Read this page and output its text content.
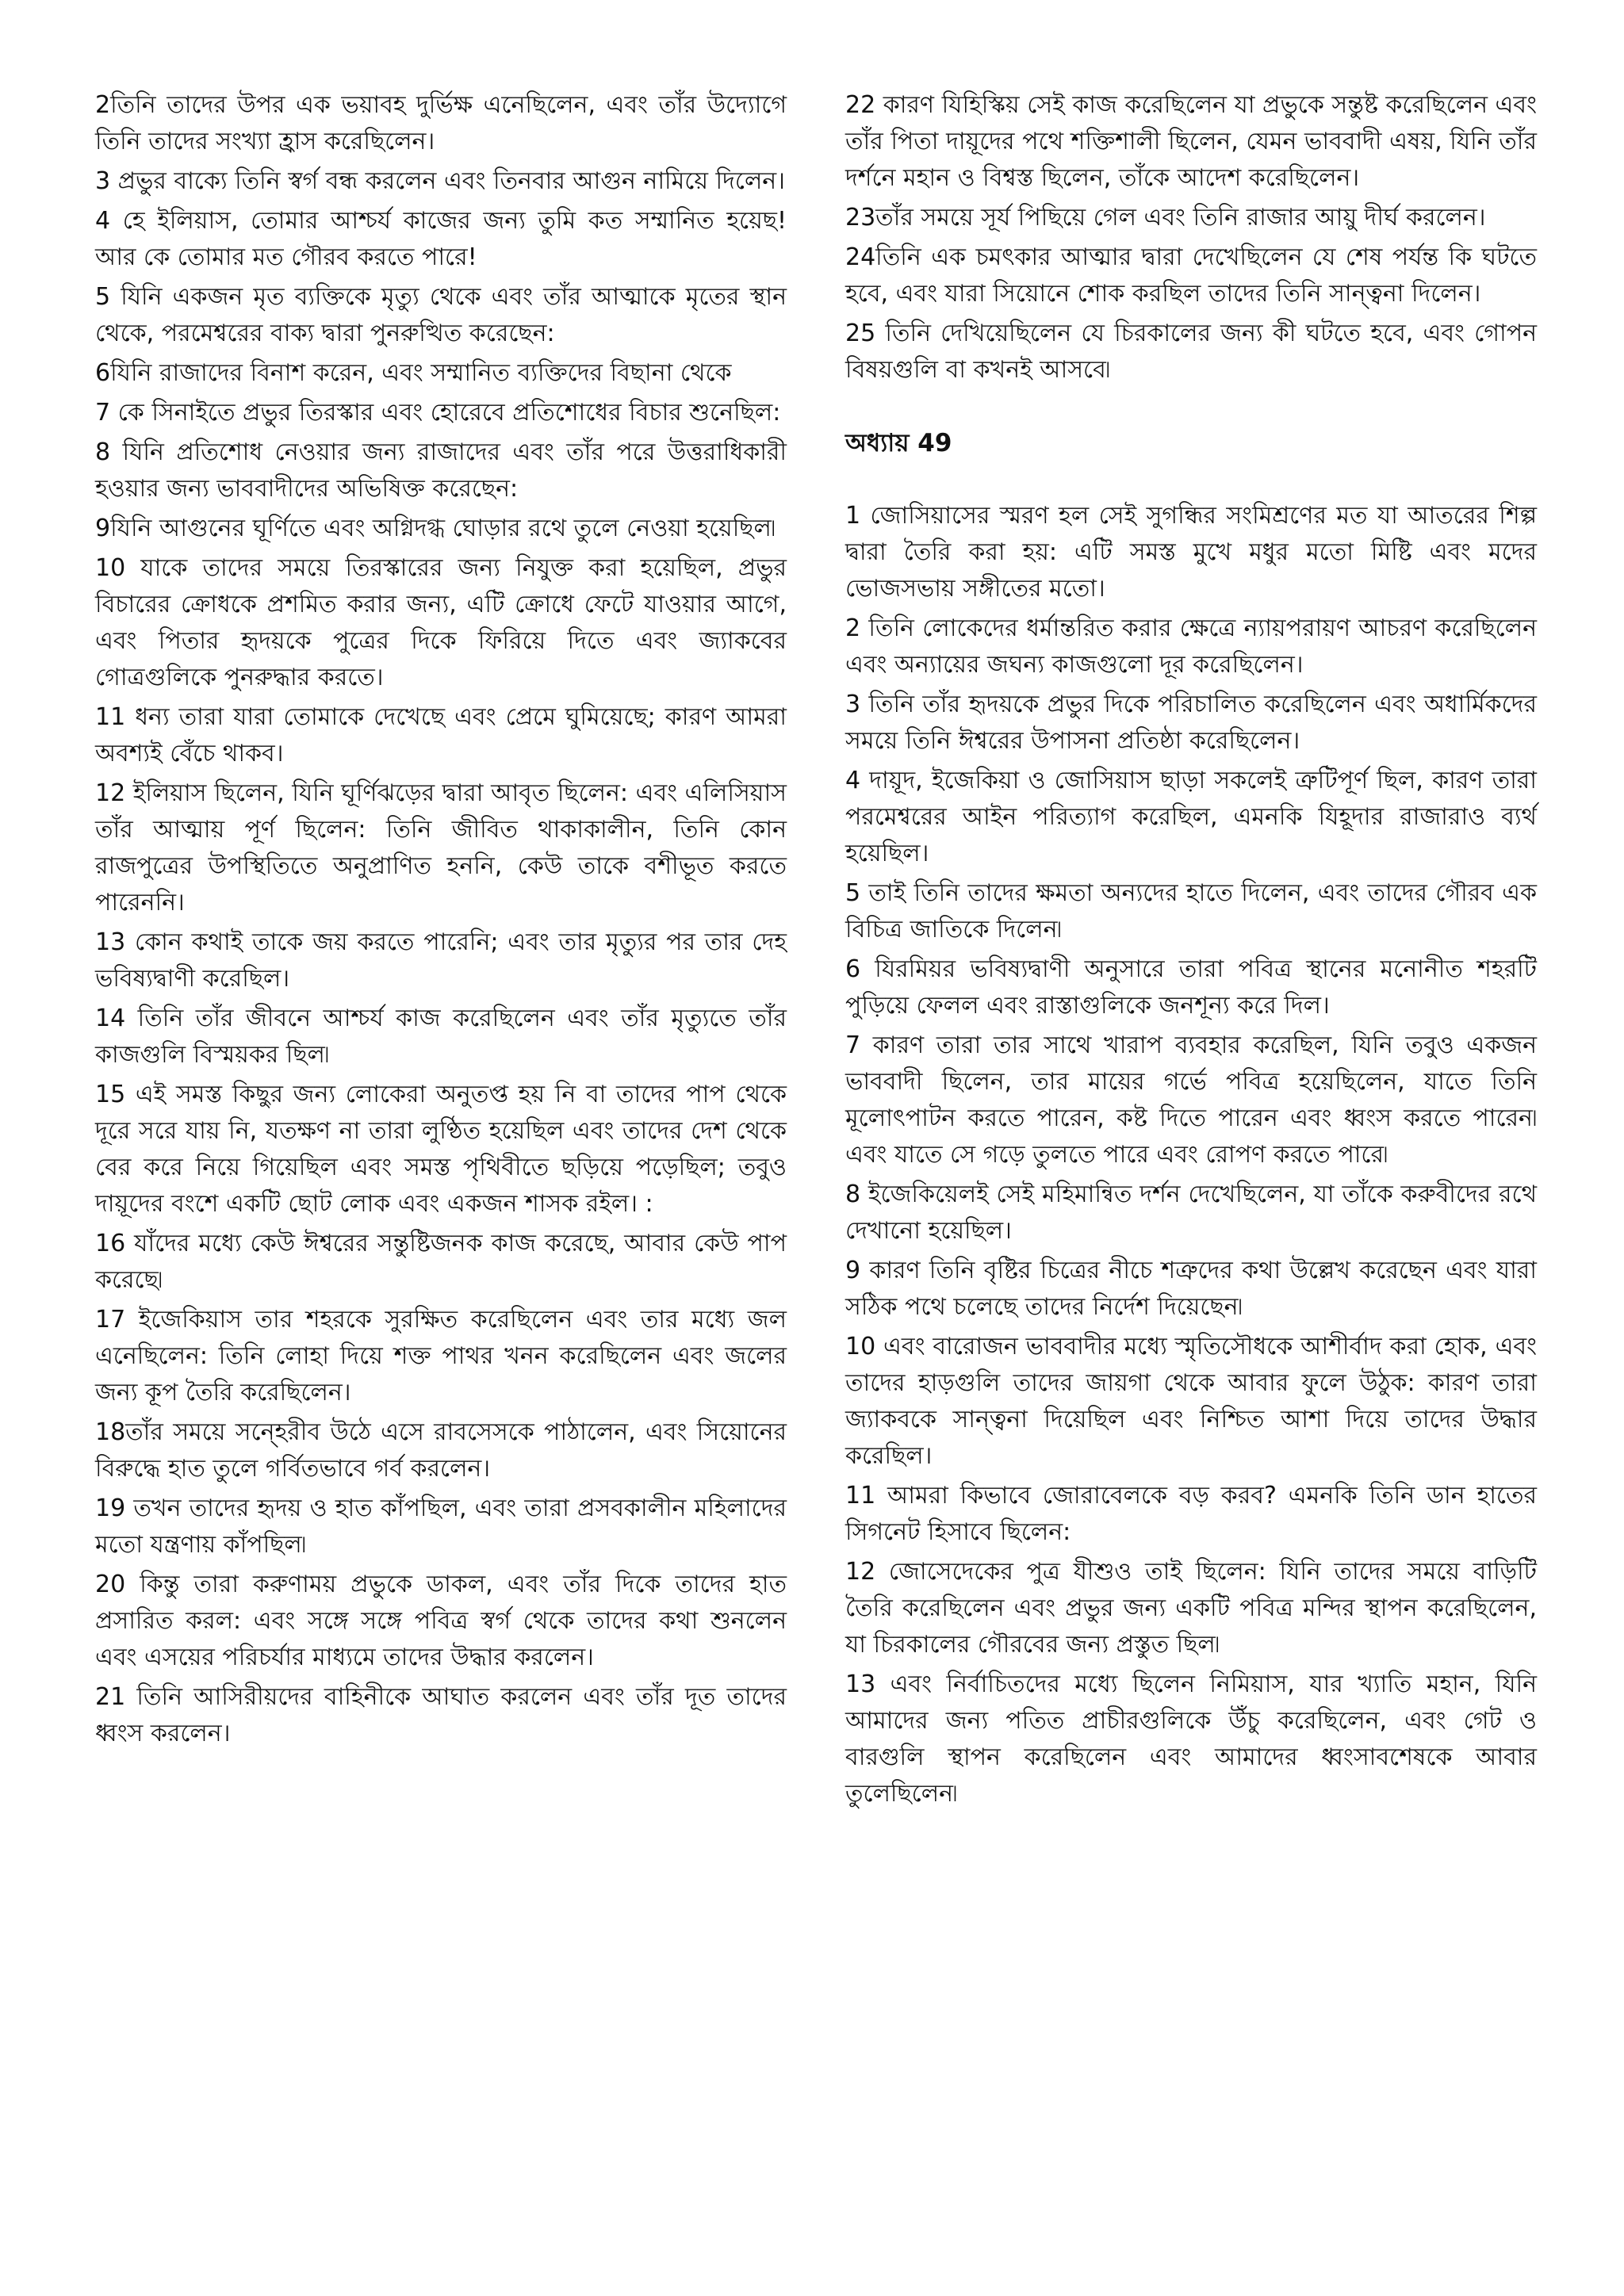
2তিনি তাদের উপর এক ভয়াবহ দুর্ভিক্ষ এনেছিলেন, এবং তাঁর উদ্যোগে তিনি তাদের সংখ্যা হ্রাস করেছিলেন।

3 প্রভুর বাক্যে তিনি স্বর্গ বন্ধ করলেন এবং তিনবার আগুন নামিয়ে দিলেন।

4 হে ইলিয়াস, তোমার আশ্চর্য কাজের জন্য তুমি কত সম্মানিত হয়েছ! আর কে তোমার মত গৌরব করতে পারে!

5 যিনি একজন মৃত ব্যক্তিকে মৃত্যু থেকে এবং তাঁর আত্মাকে মৃতের স্থান থেকে, পরমেশ্বরের বাক্য দ্বারা পুনরুত্থিত করেছেন:

6যিনি রাজাদের বিনাশ করেন, এবং সম্মানিত ব্যক্তিদের বিছানা থেকে

7 কে সিনাইতে প্রভুর তিরস্কার এবং হোরেবে প্রতিশোধের বিচার শুনেছিল:

8 যিনি প্রতিশোধ নেওয়ার জন্য রাজাদের এবং তাঁর পরে উত্তরাধিকারী হওয়ার জন্য ভাববাদীদের অভিষিক্ত করেছেন:

9যিনি আগুনের ঘূর্ণিতে এবং অগ্নিদগ্ধ ঘোড়ার রথে তুলে নেওয়া হয়েছিল৷

10 যাকে তাদের সময়ে তিরস্কারের জন্য নিযুক্ত করা হয়েছিল, প্রভুর বিচারের ক্রোধকে প্রশমিত করার জন্য, এটি ক্রোধে ফেটে যাওয়ার আগে, এবং পিতার হৃদয়কে পুত্রের দিকে ফিরিয়ে দিতে এবং জ্যাকবের গোত্রগুলিকে পুনরুদ্ধার করতে।

11 ধন্য তারা যারা তোমাকে দেখেছে এবং প্রেমে ঘুমিয়েছে; কারণ আমরা অবশ্যই বেঁচে থাকব।

12 ইলিয়াস ছিলেন, যিনি ঘূর্ণিঝড়ের দ্বারা আবৃত ছিলেন: এবং এলিসিয়াস তাঁর আত্মায় পূর্ণ ছিলেন: তিনি জীবিত থাকাকালীন, তিনি কোন রাজপুত্রের উপস্থিতিতে অনুপ্রাণিত হননি, কেউ তাকে বশীভূত করতে পারেননি।

13 কোন কথাই তাকে জয় করতে পারেনি; এবং তার মৃত্যুর পর তার দেহ ভবিষ্যদ্বাণী করেছিল।

14 তিনি তাঁর জীবনে আশ্চর্য কাজ করেছিলেন এবং তাঁর মৃত্যুতে তাঁর কাজগুলি বিস্ময়কর ছিল৷

15 এই সমস্ত কিছুর জন্য লোকেরা অনুতপ্ত হয় নি বা তাদের পাপ থেকে দূরে সরে যায় নি, যতক্ষণ না তারা লুণ্ঠিত হয়েছিল এবং তাদের দেশ থেকে বের করে নিয়ে গিয়েছিল এবং সমস্ত পৃথিবীতে ছড়িয়ে পড়েছিল; তবুও দায়ূদের বংশে একটি ছোট লোক এবং একজন শাসক রইল। :

16 যাঁদের মধ্যে কেউ ঈশ্বরের সন্তুষ্টিজনক কাজ করেছে, আবার কেউ পাপ করেছে৷

17 ইজেকিয়াস তার শহরকে সুরক্ষিত করেছিলেন এবং তার মধ্যে জল এনেছিলেন: তিনি লোহা দিয়ে শক্ত পাথর খনন করেছিলেন এবং জলের জন্য কূপ তৈরি করেছিলেন।

18তাঁর সময়ে সন্হেরীব উঠে এসে রাবসেসকে পাঠালেন, এবং সিয়োনের বিরুদ্ধে হাত তুলে গর্বিতভাবে গর্ব করলেন।

19 তখন তাদের হৃদয় ও হাত কাঁপছিল, এবং তারা প্রসবকালীন মহিলাদের মতো যন্ত্রণায় কাঁপছিল৷

20 কিন্তু তারা করুণাময় প্রভুকে ডাকল, এবং তাঁর দিকে তাদের হাত প্রসারিত করল: এবং সঙ্গে সঙ্গে পবিত্র স্বর্গ থেকে তাদের কথা শুনলেন এবং এসয়ের পরিচর্যার মাধ্যমে তাদের উদ্ধার করলেন।

21 তিনি আসিরীয়দের বাহিনীকে আঘাত করলেন এবং তাঁর দূত তাদের ধ্বংস করলেন।

22 কারণ যিহিস্কিয় সেই কাজ করেছিলেন যা প্রভুকে সন্তুষ্ট করেছিলেন এবং তাঁর পিতা দায়ূদের পথে শক্তিশালী ছিলেন, যেমন ভাববাদী এষয়, যিনি তাঁর দর্শনে মহান ও বিশ্বস্ত ছিলেন, তাঁকে আদেশ করেছিলেন।

23তাঁর সময়ে সূর্য পিছিয়ে গেল এবং তিনি রাজার আয়ু দীর্ঘ করলেন।

24তিনি এক চমৎকার আত্মার দ্বারা দেখেছিলেন যে শেষ পর্যন্ত কি ঘটতে হবে, এবং যারা সিয়োনে শোক করছিল তাদের তিনি সান্ত্বনা দিলেন।

25 তিনি দেখিয়েছিলেন যে চিরকালের জন্য কী ঘটতে হবে, এবং গোপন বিষয়গুলি বা কখনই আসবে৷

অধ্যায় 49

1 জোসিয়াসের স্মরণ হল সেই সুগন্ধির সংমিশ্রণের মত যা আতরের শিল্প দ্বারা তৈরি করা হয়: এটি সমস্ত মুখে মধুর মতো মিষ্টি এবং মদের ভোজসভায় সঙ্গীতের মতো।

2 তিনি লোকেদের ধর্মান্তরিত করার ক্ষেত্রে ন্যায়পরায়ণ আচরণ করেছিলেন এবং অন্যায়ের জঘন্য কাজগুলো দূর করেছিলেন।

3 তিনি তাঁর হৃদয়কে প্রভুর দিকে পরিচালিত করেছিলেন এবং অধার্মিকদের সময়ে তিনি ঈশ্বরের উপাসনা প্রতিষ্ঠা করেছিলেন।

4 দায়ূদ, ইজেকিয়া ও জোসিয়াস ছাড়া সকলেই ত্রুটিপূর্ণ ছিল, কারণ তারা পরমেশ্বরের আইন পরিত্যাগ করেছিল, এমনকি যিহূদার রাজারাও ব্যর্থ হয়েছিল।

5 তাই তিনি তাদের ক্ষমতা অন্যদের হাতে দিলেন, এবং তাদের গৌরব এক বিচিত্র জাতিকে দিলেন৷

6 যিরমিয়র ভবিষ্যদ্বাণী অনুসারে তারা পবিত্র স্থানের মনোনীত শহরটি পুড়িয়ে ফেলল এবং রাস্তাগুলিকে জনশূন্য করে দিল।

7 কারণ তারা তার সাথে খারাপ ব্যবহার করেছিল, যিনি তবুও একজন ভাববাদী ছিলেন, তার মায়ের গর্ভে পবিত্র হয়েছিলেন, যাতে তিনি মূলোৎপাটন করতে পারেন, কষ্ট দিতে পারেন এবং ধ্বংস করতে পারেন৷ এবং যাতে সে গড়ে তুলতে পারে এবং রোপণ করতে পারে৷

8 ইজেকিয়েলই সেই মহিমান্বিত দর্শন দেখেছিলেন, যা তাঁকে করুবীদের রথে দেখানো হয়েছিল।

9 কারণ তিনি বৃষ্টির চিত্রের নীচে শত্রুদের কথা উল্লেখ করেছেন এবং যারা সঠিক পথে চলেছে তাদের নির্দেশ দিয়েছেন৷

10 এবং বারোজন ভাববাদীর মধ্যে স্মৃতিসৌধকে আশীর্বাদ করা হোক, এবং তাদের হাড়গুলি তাদের জায়গা থেকে আবার ফুলে উঠুক: কারণ তারা জ্যাকবকে সান্ত্বনা দিয়েছিল এবং নিশ্চিত আশা দিয়ে তাদের উদ্ধার করেছিল।

11 আমরা কিভাবে জোরাবেলকে বড় করব? এমনকি তিনি ডান হাতের সিগনেট হিসাবে ছিলেন:

12 জোসেদেকের পুত্র যীশুও তাই ছিলেন: যিনি তাদের সময়ে বাড়িটি তৈরি করেছিলেন এবং প্রভুর জন্য একটি পবিত্র মন্দির স্থাপন করেছিলেন, যা চিরকালের গৌরবের জন্য প্রস্তুত ছিল৷

13 এবং নির্বাচিতদের মধ্যে ছিলেন নিমিয়াস, যার খ্যাতি মহান, যিনি আমাদের জন্য পতিত প্রাচীরগুলিকে উঁচু করেছিলেন, এবং গেট ও বারগুলি স্থাপন করেছিলেন এবং আমাদের ধ্বংসাবশেষকে আবার তুলেছিলেন৷
